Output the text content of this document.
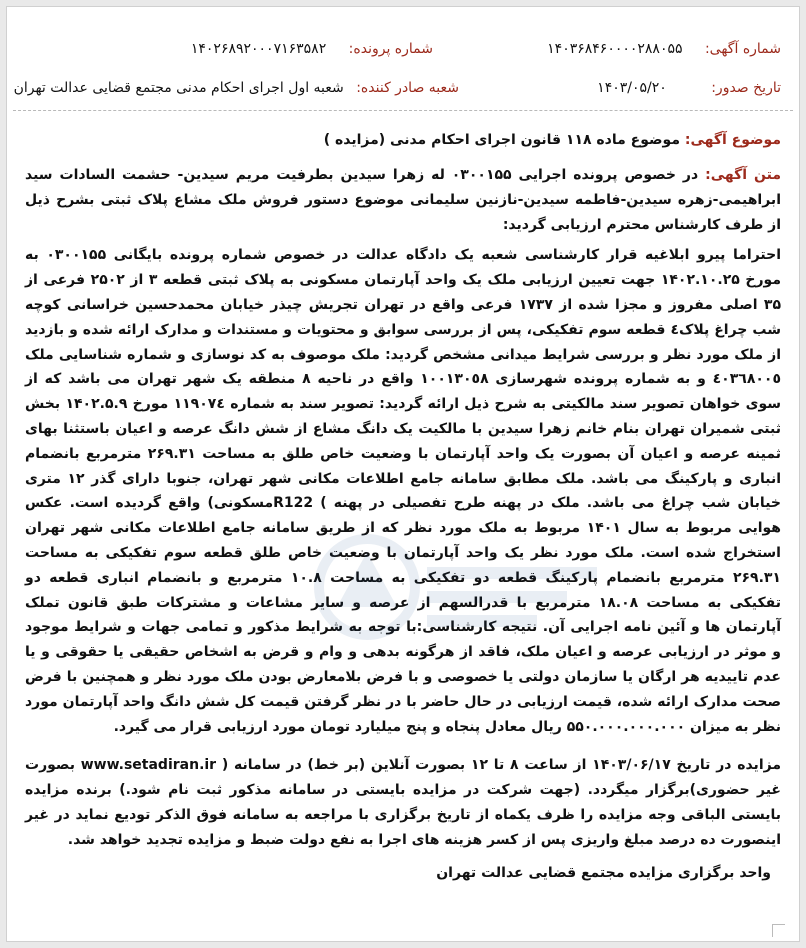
شماره آگهی: ۱۴۰۳۶۸۴۶۰۰۰۰۲۸۸۰۵۵
شماره پرونده: ۱۴۰۲۶۸۹۲۰۰۰۷۱۶۳۵۸۲
تاریخ صدور: ۱۴۰۳/۰۵/۲۰
شعبه صادر کننده: شعبه اول اجرای احکام مدنی مجتمع قضایی عدالت تهران
موضوع آگهی: موضوع ماده ۱۱۸ قانون اجرای احکام مدنی (مزایده )

متن آگهی: در خصوص پرونده اجرایی ۰۳۰۰۱۵۵ له زهرا سیدین بطرفیت مریم سیدین- حشمت السادات سید ابراهیمی-زهره سیدین-فاطمه سیدین-نازنین سلیمانی موضوع دستور فروش ملک مشاع پلاک ثبتی بشرح ذیل از طرف کارشناس محترم ارزیابی گردید:

احتراما پیرو ابلاغیه قرار کارشناسی شعبه یک دادگاه عدالت در خصوص شماره پرونده بایگانی ۰۳۰۰۱۵۵ به مورخ ۱۴۰۲.۱۰.۲۵ جهت تعیین ارزیابی ملک یک واحد آپارتمان مسکونی به پلاک ثبتی قطعه ۳ از ۲۵۰۲ فرعی از ۳۵ اصلی مفروز و مجزا شده از ۱۷۳۷ فرعی واقع در تهران تجریش چیذر خیابان محمدحسین خراسانی کوچه شب چراغ پلاک٤ قطعه سوم تفکیکی، پس از بررسی سوابق و محتویات و مستندات و مدارک ارائه شده و بازدید از ملک مورد نظر و بررسی شرایط میدانی مشخص گردید: ملک موصوف به کد نوسازی و شماره شناسایی ملک ٤٠٣٦٨٠٠٥ و به شماره پرونده شهرسازی ١٠٠١٣٠٥٨ واقع در ناحیه ۸ منطقه یک شهر تهران می باشد که از سوی خواهان تصویر سند مالکیتی به شرح ذیل ارائه گردید: تصویر سند به شماره ۱۱۹۰۷٤ مورخ ۱۴۰۲.۵.۹ بخش ثبتی شمیران تهران بنام خانم زهرا سیدین با مالکیت یک دانگ مشاع از شش دانگ عرصه و اعیان باستثنا بهای ثمینه عرصه و اعیان آن بصورت یک واحد آپارتمان با وضعیت خاص طلق به مساحت ۲۶۹.۳۱ مترمربع بانضمام انباری و پارکینگ می باشد. ملک مطابق سامانه جامع اطلاعات مکانی شهر تهران، جنوبا دارای گذر ۱۲ متری خیابان شب چراغ می باشد. ملک در پهنه طرح تفصیلی در پهنه ) R122مسکونی) واقع گردیده است. عکس هوایی مربوط به سال ۱۴۰۱ مربوط به ملک مورد نظر که از طریق سامانه جامع اطلاعات مکانی شهر تهران استخراج شده است. ملک مورد نظر یک واحد آپارتمان با وضعیت خاص طلق قطعه سوم تفکیکی به مساحت ۲۶۹.۳۱ مترمربع بانضمام پارکینگ قطعه دو تفکیکی به مساحت ۱۰.۸ مترمربع و بانضمام انباری قطعه دو تفکیکی به مساحت ۱۸.۰۸ مترمربع با قدرالسهم از عرصه و سایر مشاعات و مشترکات طبق قانون تملک آپارتمان ها و آئین نامه اجرایی آن. نتیجه کارشناسی:با توجه به شرایط مذکور و تمامی جهات و شرایط موجود و موثر در ارزیابی عرصه و اعیان ملک، فاقد از هرگونه بدهی و وام و قرض به اشخاص حقیقی یا حقوقی و یا عدم تاییدیه هر ارگان یا سازمان دولتی یا خصوصی و با فرض بلامعارض بودن ملک مورد نظر و همچنین با فرض صحت مدارک ارائه شده، قیمت ارزیابی در حال حاضر با در نظر گرفتن قیمت کل شش دانگ واحد آپارتمان مورد نظر به میزان ۵۵۰.۰۰۰.۰۰۰.۰۰۰ ریال معادل پنجاه و پنج میلیارد تومان مورد ارزیابی قرار می گیرد.

مزایده در تاریخ ۱۴۰۳/۰۶/۱۷ از ساعت ۸ تا ۱۲ بصورت آنلاین (بر خط) در سامانه ( www.setadiran.ir بصورت غیر حضوری)برگزار میگردد. (جهت شرکت در مزایده بایستی در سامانه مذکور ثبت نام شود.) برنده مزایده بایستی الباقی وجه مزایده را ظرف یکماه از تاریخ برگزاری با مراجعه به سامانه فوق الذکر توديع نماید در غیر اینصورت ده درصد مبلغ واریزی پس از کسر هزینه های اجرا به نفع دولت ضبط و مزایده تجدید خواهد شد.

واحد برگزاری مزایده مجتمع قضایی عدالت تهران
